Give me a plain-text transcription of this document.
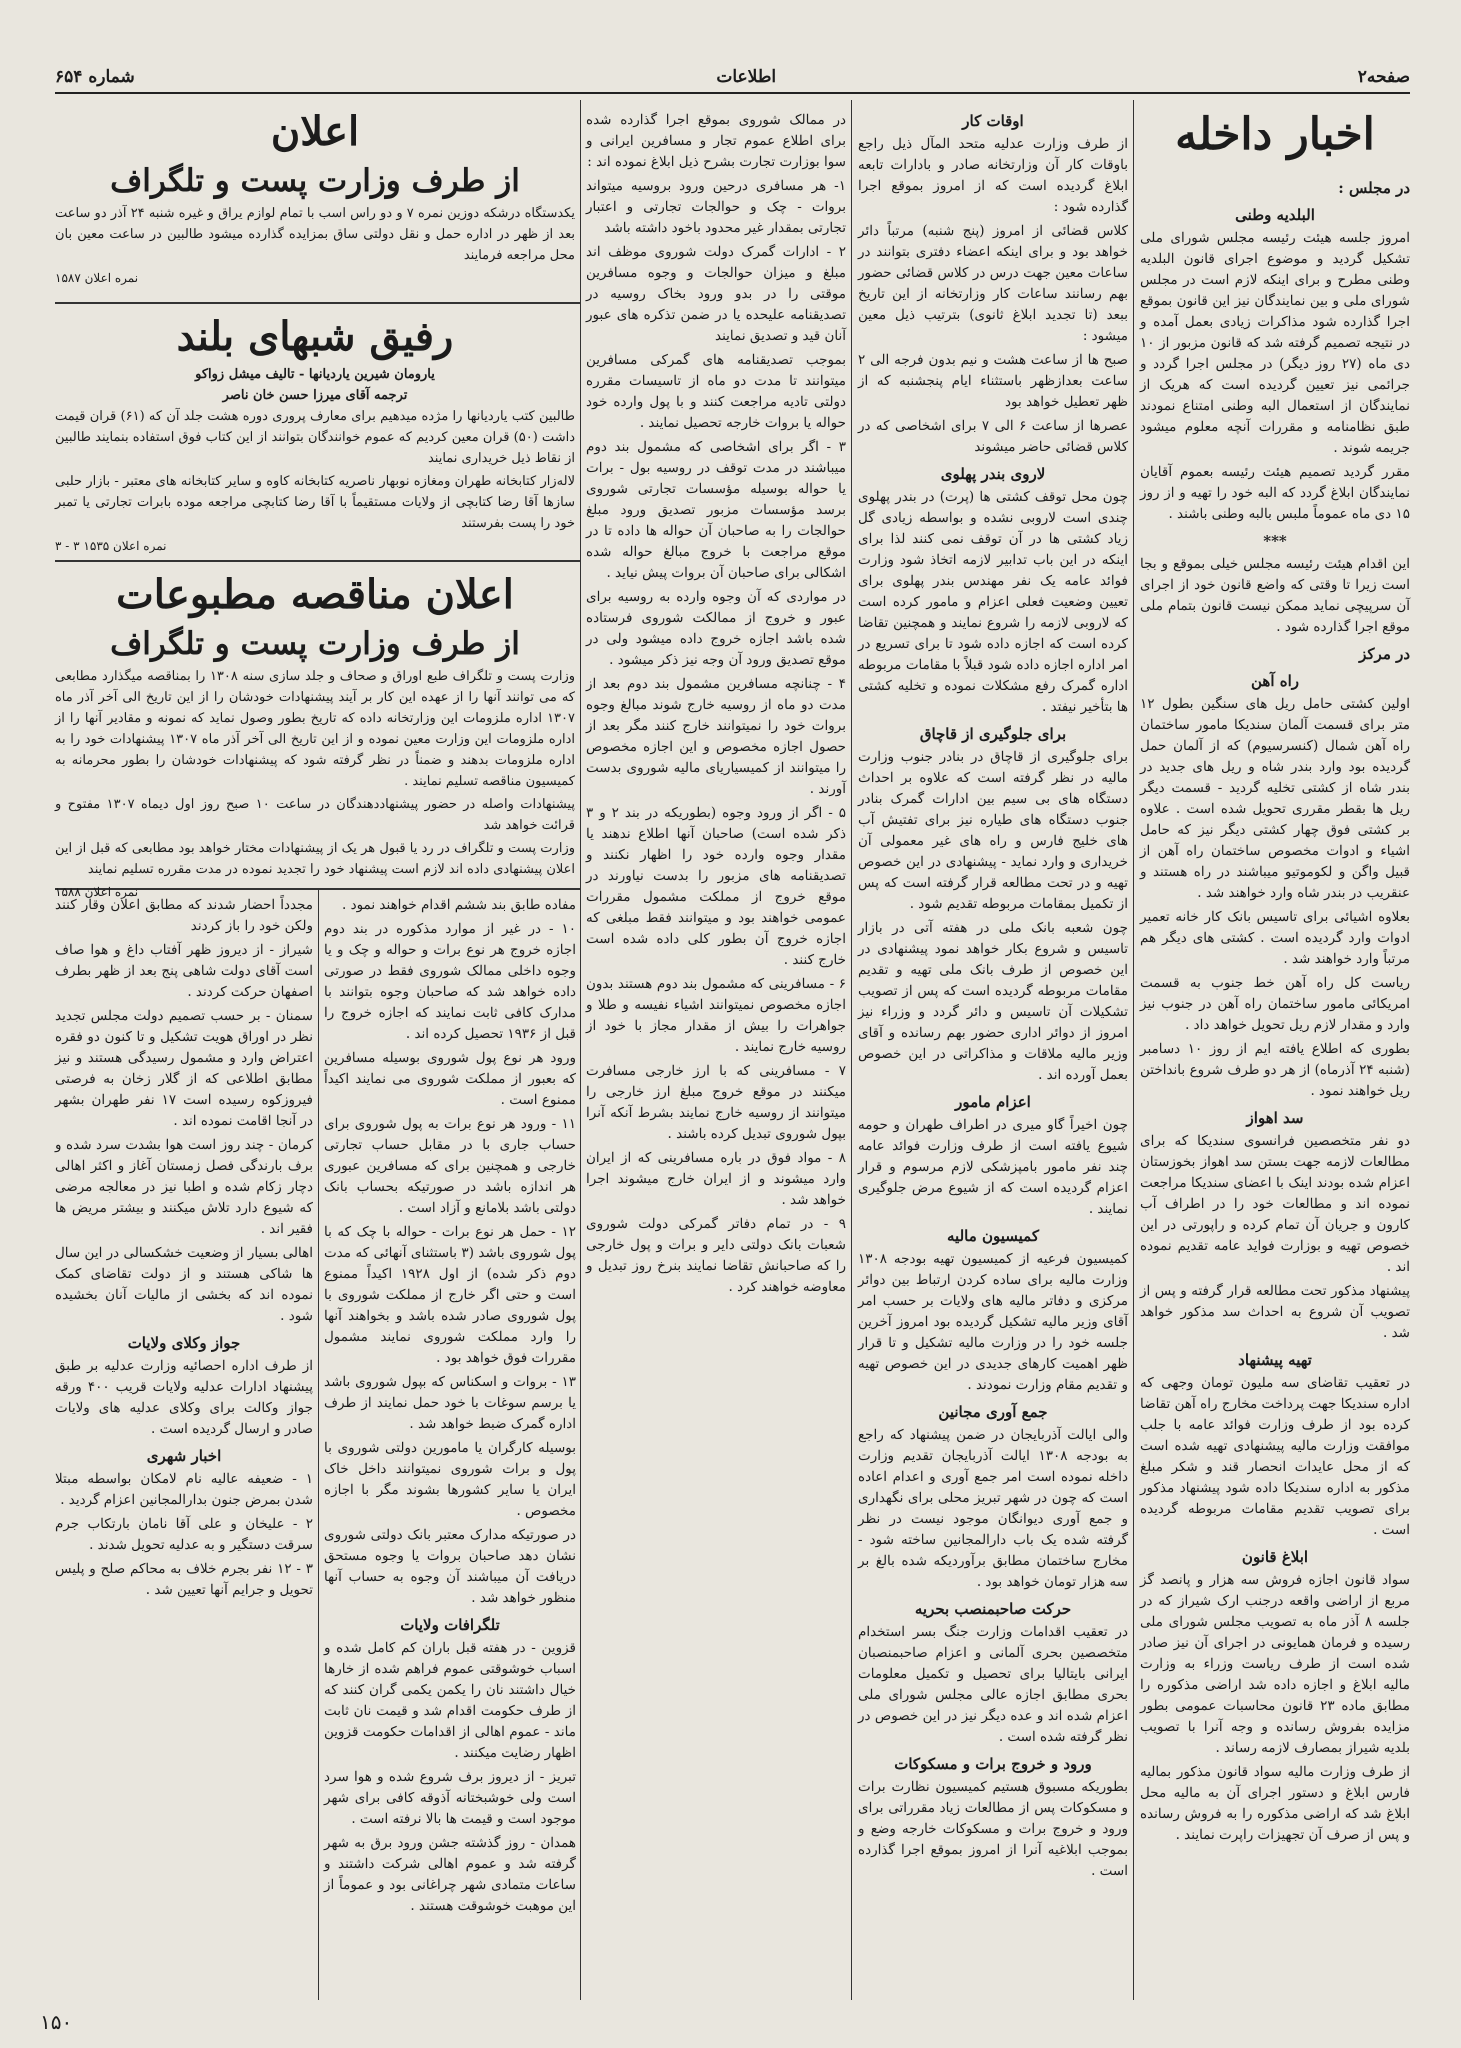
صفحه۲
اطلاعات
شماره ۶۵۴
اخبار داخله
در مجلس :
البلدیه وطنی

امروز جلسه هیئت رئیسه مجلس شورای ملی تشکیل گردید و موضوع اجرای قانون البلدیه وطنی مطرح و برای اینکه لازم است در مجلس شورای ملی و بین نمایندگان نیز این قانون بموقع اجرا گذارده شود مذاکرات زیادی بعمل آمده و در نتیجه تصمیم گرفته شد که قانون مزبور از ۱۰ دی ماه (۲۷ روز دیگر) در مجلس اجرا گردد و جرائمی نیز تعیین گردیده است که هریک از نمایندگان از استعمال البه وطنی امتناع نمودند طبق نظامنامه و مقررات آنچه معلوم میشود جریمه شوند .

مقرر گردید تصمیم هیئت رئیسه بعموم آقایان نمایندگان ابلاغ گردد که البه خود را تهیه و از روز ۱۵ دی ماه عموماً ملبس بالبه وطنی باشند .

***

این اقدام هیئت رئیسه مجلس خیلی بموقع و بجا است زیرا تا وقتی که واضع قانون خود از اجرای آن سرپیچی نماید ممکن نیست قانون بتمام ملی موقع اجرا گذارده شود .

در مرکز
راه آهن

اولین کشتی حامل ریل های سنگین بطول ۱۲ متر برای قسمت آلمان سندیکا مامور ساختمان راه آهن شمال (کنسرسیوم) که از آلمان حمل گردیده بود وارد بندر شاه و ریل های جدید در بندر شاه از کشتی تخلیه گردید - قسمت دیگر ریل ها بقطر مقرری تحویل شده است . علاوه بر کشتی فوق چهار کشتی دیگر نیز که حامل اشیاء و ادوات مخصوص ساختمان راه آهن از قبیل واگن و لکوموتیو میباشند در راه هستند و عنقریب در بندر شاه وارد خواهند شد .

بعلاوه اشیائی برای تاسیس بانک کار خانه تعمیر ادوات وارد گردیده است . کشتی های دیگر هم مرتباً وارد خواهند شد .

ریاست کل راه آهن خط جنوب به قسمت امریکائی مامور ساختمان راه آهن در جنوب نیز وارد و مقدار لازم ریل تحویل خواهد داد .

بطوری که اطلاع یافته ایم از روز ۱۰ دسامبر (شنبه ۲۴ آذرماه) از هر دو طرف شروع بانداختن ریل خواهند نمود .

سد اهواز

دو نفر متخصصین فرانسوی سندیکا که برای مطالعات لازمه جهت بستن سد اهواز بخوزستان اعزام شده بودند اینک با اعضای سندیکا مراجعت نموده اند و مطالعات خود را در اطراف آب کارون و جریان آن تمام کرده و راپورتی در این خصوص تهیه و بوزارت فواید عامه تقدیم نموده اند .

پیشنهاد مذکور تحت مطالعه قرار گرفته و پس از تصویب آن شروع به احداث سد مذکور خواهد شد .

تهیه پیشنهاد

در تعقیب تقاضای سه ملیون تومان وجهی که اداره سندیکا جهت پرداخت مخارج راه آهن تقاضا کرده بود از طرف وزارت فوائد عامه با جلب موافقت وزارت مالیه پیشنهادی تهیه شده است که از محل عایدات انحصار قند و شکر مبلغ مذکور به اداره سندیکا داده شود پیشنهاد مذکور برای تصویب تقدیم مقامات مربوطه گردیده است .

ابلاغ قانون

سواد قانون اجازه فروش سه هزار و پانصد گز مربع از اراضی واقعه درجنب ارک شیراز که در جلسه ۸ آذر ماه به تصویب مجلس شورای ملی رسیده و فرمان همایونی در اجرای آن نیز صادر شده است از طرف ریاست وزراء به وزارت مالیه ابلاغ و اجازه داده شد اراضی مذکوره را مطابق ماده ۲۳ قانون محاسبات عمومی بطور مزایده بفروش رسانده و وجه آنرا با تصویب بلدیه شیراز بمصارف لازمه رساند .

از طرف وزارت مالیه سواد قانون مذکور بمالیه فارس ابلاغ و دستور اجرای آن به مالیه محل ابلاغ شد که اراضی مذکوره را به فروش رسانده و پس از صرف آن تجهیزات راپرت نمایند .

اوقات کار

از طرف وزارت عدلیه متحد المآل ذیل راجع باوقات کار آن وزارتخانه صادر و بادارات تابعه ابلاغ گردیده است که از امروز بموقع اجرا گذارده شود :

کلاس قضائی از امروز (پنج شنبه) مرتباً دائر خواهد بود و برای اینکه اعضاء دفتری بتوانند در ساعات معین جهت درس در کلاس قضائی حضور بهم رسانند ساعات کار وزارتخانه از این تاریخ ببعد (تا تجدید ابلاغ ثانوی) بترتیب ذیل معین میشود :

صبح ها از ساعت هشت و نیم بدون فرجه الی ۲ ساعت بعدازظهر باستثناء ایام پنجشنبه که از ظهر تعطیل خواهد بود

عصرها از ساعت ۶ الی ۷ برای اشخاصی که در کلاس قضائی حاضر میشوند

لاروی بندر پهلوی

چون محل توقف کشتی ها (پرت) در بندر پهلوی چندی است لاروبی نشده و بواسطه زیادی گل زیاد کشتی ها در آن توقف نمی کنند لذا برای اینکه در این باب تدابیر لازمه اتخاذ شود وزارت فوائد عامه یک نفر مهندس بندر پهلوی برای تعیین وضعیت فعلی اعزام و مامور کرده است که لاروبی لازمه را شروع نمایند و همچنین تقاضا کرده است که اجازه داده شود تا برای تسریع در امر اداره اجازه داده شود قبلاً با مقامات مربوطه اداره گمرک رفع مشکلات نموده و تخلیه کشتی ها بتأخیر نیفتد .

برای جلوگیری از قاچاق

برای جلوگیری از قاچاق در بنادر جنوب وزارت مالیه در نظر گرفته است که علاوه بر احداث دستگاه های بی سیم بین ادارات گمرک بنادر جنوب دستگاه های طیاره نیز برای تفتیش آب های خلیج فارس و راه های غیر معمولی آن خریداری و وارد نماید - پیشنهادی در این خصوص تهیه و در تحت مطالعه قرار گرفته است که پس از تکمیل بمقامات مربوطه تقدیم شود .

چون شعبه بانک ملی در هفته آتی در بازار تاسیس و شروع بکار خواهد نمود پیشنهادی در این خصوص از طرف بانک ملی تهیه و تقدیم مقامات مربوطه گردیده است که پس از تصویب تشکیلات آن تاسیس و دائر گردد و وزراء نیز امروز از دوائر اداری حضور بهم رسانده و آقای وزیر مالیه ملاقات و مذاکراتی در این خصوص بعمل آورده اند .

اعزام مامور

چون اخیراً گاو میری در اطراف طهران و حومه شیوع یافته است از طرف وزارت فوائد عامه چند نفر مامور بامپزشکی لازم مرسوم و قرار اعزام گردیده است که از شیوع مرض جلوگیری نمایند .

کمیسیون مالیه

کمیسیون فرعیه از کمیسیون تهیه بودجه ۱۳۰۸ وزارت مالیه برای ساده کردن ارتباط بین دوائر مرکزی و دفاتر مالیه های ولایات بر حسب امر آقای وزیر مالیه تشکیل گردیده بود امروز آخرین جلسه خود را در وزارت مالیه تشکیل و تا قرار ظهر اهمیت کارهای جدیدی در این خصوص تهیه و تقدیم مقام وزارت نمودند .

جمع آوری مجانین

والی ایالت آذربایجان در ضمن پیشنهاد که راجع به بودجه ۱۳۰۸ ایالت آذربایجان تقدیم وزارت داخله نموده است امر جمع آوری و اعدام اعاده است که چون در شهر تبریز محلی برای نگهداری و جمع آوری دیوانگان موجود نیست در نظر گرفته شده یک باب دارالمجانین ساخته شود - مخارج ساختمان مطابق برآوردیکه شده بالغ بر سه هزار تومان خواهد بود .

حرکت صاحبمنصب بحریه

در تعقیب اقدامات وزارت جنگ بسر استخدام متخصصین بحری آلمانی و اعزام صاحبمنصبان ایرانی بایتالیا برای تحصیل و تکمیل معلومات بحری مطابق اجازه عالی مجلس شورای ملی اعزام شده اند و عده دیگر نیز در این خصوص در نظر گرفته شده است .

ورود و خروج برات و مسکوکات

بطوریکه مسبوق هستیم کمیسیون نظارت برات و مسکوکات پس از مطالعات زیاد مقرراتی برای ورود و خروج برات و مسکوکات خارجه وضع و بموجب ابلاغیه آنرا از امروز بموقع اجرا گذارده است .

در ممالک شوروی بموقع اجرا گذارده شده برای اطلاع عموم تجار و مسافرین ایرانی و سوا بوزارت تجارت بشرح ذیل ابلاغ نموده اند :

۱- هر مسافری درحین ورود بروسیه میتواند بروات - چک و حوالجات تجارتی و اعتبار تجارتی بمقدار غیر محدود باخود داشته باشد

۲ - ادارات گمرک دولت شوروی موظف اند مبلغ و میزان حوالجات و وجوه مسافرین موقتی را در بدو ورود بخاک روسیه در تصدیقنامه علیحده یا در ضمن تذکره های عبور آنان قید و تصدیق نمایند

بموجب تصدیقنامه های گمرکی مسافرین میتوانند تا مدت دو ماه از تاسیسات مقرره دولتی تادیه مراجعت کنند و با پول وارده خود حواله یا بروات خارجه تحصیل نمایند .

۳ - اگر برای اشخاصی که مشمول بند دوم میباشند در مدت توقف در روسیه بول - برات یا حواله بوسیله مؤسسات تجارتی شوروی برسد مؤسسات مزبور تصدیق ورود مبلغ حوالجات را به صاحبان آن حواله ها داده تا در موقع مراجعت با خروج مبالغ حواله شده اشکالی برای صاحبان آن بروات پیش نیاید .

در مواردی که آن وجوه وارده به روسیه برای عبور و خروج از ممالکت شوروی فرستاده شده باشد اجازه خروج داده میشود ولی در موقع تصدیق ورود آن وجه نیز ذکر میشود .

۴ - چنانچه مسافرین مشمول بند دوم بعد از مدت دو ماه از روسیه خارج شوند مبالغ وجوه بروات خود را نمیتوانند خارج کنند مگر بعد از حصول اجازه مخصوص و این اجازه مخصوص را میتوانند از کمیسیاریای مالیه شوروی بدست آورند .

۵ - اگر از ورود وجوه (بطوریکه در بند ۲ و ۳ ذکر شده است) صاحبان آنها اطلاع ندهند یا مقدار وجوه وارده خود را اظهار نکنند و تصدیقنامه های مزبور را بدست نیاورند در موقع خروج از مملکت مشمول مقررات عمومی خواهند بود و میتوانند فقط مبلغی که اجازه خروج آن بطور کلی داده شده است خارج کنند .

۶ - مسافرینی که مشمول بند دوم هستند بدون اجازه مخصوص نمیتوانند اشیاء نفیسه و طلا و جواهرات را بیش از مقدار مجاز با خود از روسیه خارج نمایند .

۷ - مسافرینی که با ارز خارجی مسافرت میکنند در موقع خروج مبلغ ارز خارجی را میتوانند از روسیه خارج نمایند بشرط آنکه آنرا بپول شوروی تبدیل کرده باشند .

۸ - مواد فوق در باره مسافرینی که از ایران وارد میشوند و از ایران خارج میشوند اجرا خواهد شد .

۹ - در تمام دفاتر گمرکی دولت شوروی شعبات بانک دولتی دایر و برات و پول خارجی را که صاحبانش تقاضا نمایند بنرخ روز تبدیل و معاوضه خواهند کرد .

اعلان
از طرف وزارت پست و تلگراف

یکدستگاه درشکه دوزین نمره ۷ و دو راس اسب با تمام لوازم یراق و غیره شنبه ۲۴ آذر دو ساعت بعد از ظهر در اداره حمل و نقل دولتی ساق بمزایده گذارده میشود طالبین در ساعت معین بان محل مراجعه فرمایند

نمره اعلان ۱۵۸۷
رفیق شبهای بلند
یارومان شیرین یاردیانها - تالیف میشل زواکو
ترجمه آقای میرزا حسن خان ناصر

طالبین کتب یاردیانها را مژده میدهیم برای معارف پروری دوره هشت جلد آن که (۶۱) قران قیمت داشت (۵۰) قران معین کردیم که عموم خوانندگان بتوانند از این کتاب فوق استفاده بنمایند طالبین از نقاط ذیل خریداری نمایند

لاله‌زار کتابخانه طهران ومغازه نوبهار ناصریه کتابخانه کاوه و سایر کتابخانه های معتبر - بازار حلبی سازها آقا رضا کتابچی از ولایات مستقیماً با آقا رضا کتابچی مراجعه موده بابرات تجارتی یا تمبر خود را پست بفرستند

نمره اعلان ۱۵۳۵ ۳ - ۳
اعلان مناقصه مطبوعات
از طرف وزارت پست و تلگراف

وزارت پست و تلگراف طبع اوراق و صحاف و جلد سازی سنه ۱۳۰۸ را بمناقصه میگذارد مطابعی که می توانند آنها را از عهده این کار بر آیند پیشنهادات خودشان را از این تاریخ الی آخر آذر ماه ۱۳۰۷ اداره ملزومات این وزارتخانه داده که تاریخ بطور وصول نماید که نمونه و مقادیر آنها را از اداره ملزومات این وزارت معین نموده و از این تاریخ الی آخر آذر ماه ۱۳۰۷ پیشنهادات خود را به اداره ملزومات بدهند و ضمناً در نظر گرفته شود که پیشنهادات خودشان را بطور محرمانه به کمیسیون مناقصه تسلیم نمایند .

پیشنهادات واصله در حضور پیشنهاددهندگان در ساعت ۱۰ صبح روز اول دیماه ۱۳۰۷ مفتوح و قرائت خواهد شد

وزارت پست و تلگراف در رد یا قبول هر یک از پیشنهادات مختار خواهد بود مطابعی که قبل از این اعلان پیشنهادی داده اند لازم است پیشنهاد خود را تجدید نموده در مدت مقرره تسلیم نمایند

نمره اعلان ۱۵۸۸

مفاده طابق بند ششم اقدام خواهند نمود .

۱۰ - در غیر از موارد مذکوره در بند دوم اجازه خروج هر نوع برات و حواله و چک و یا وجوه داخلی ممالک شوروی فقط در صورتی داده خواهد شد که صاحبان وجوه بتوانند با مدارک کافی ثابت نمایند که اجازه خروج را قبل از ۱۹۳۶ تحصیل کرده اند .

ورود هر نوع پول شوروی بوسیله مسافرین که بعبور از مملکت شوروی می نمایند اکیداً ممنوع است .

۱۱ - ورود هر نوع برات به پول شوروی برای حساب جاری با در مقابل حساب تجارتی خارجی و همچنین برای که مسافرین عبوری هر اندازه باشد در صورتیکه بحساب بانک دولتی باشد بلامانع و آزاد است .

۱۲ - حمل هر نوع برات - حواله با چک که با پول شوروی باشد (۳ باستثنای آنهائی که مدت دوم ذکر شده) از اول ۱۹۲۸ اکیداً ممنوع است و حتی اگر خارج از مملکت شوروی با پول شوروی صادر شده باشد و بخواهند آنها را وارد مملکت شوروی نمایند مشمول مقررات فوق خواهد بود .

۱۳ - بروات و اسکناس که بپول شوروی باشد یا برسم سوغات با خود حمل نمایند از طرف اداره گمرک ضبط خواهد شد .

بوسیله کارگران یا مامورین دولتی شوروی با پول و برات شوروی نمیتوانند داخل خاک ایران یا سایر کشورها بشوند مگر با اجازه مخصوص .

در صورتیکه مدارک معتبر بانک دولتی شوروی نشان دهد صاحبان بروات یا وجوه مستحق دریافت آن میباشند آن وجوه به حساب آنها منظور خواهد شد .

تلگرافات ولایات

قزوین - در هفته قبل باران کم کامل شده و اسباب خوشوقتی عموم فراهم شده از خارها خیال داشتند نان را یکمن یکمی گران کنند که از طرف حکومت اقدام شد و قیمت نان ثابت ماند - عموم اهالی از اقدامات حکومت قزوین اظهار رضایت میکنند .

تبریز - از دیروز برف شروع شده و هوا سرد است ولی خوشبختانه آذوقه کافی برای شهر موجود است و قیمت ها بالا نرفته است .

همدان - روز گذشته جشن ورود برق به شهر گرفته شد و عموم اهالی شرکت داشتند و ساعات متمادی شهر چراغانی بود و عموماً از این موهبت خوشوقت هستند .

مجدداً احضار شدند که مطابق اعلان وقار کنند ولکن خود را باز کردند

شیراز - از دیروز ظهر آفتاب داغ و هوا صاف است آقای دولت شاهی پنج بعد از ظهر بطرف اصفهان حرکت کردند .

سمنان - بر حسب تصمیم دولت مجلس تجدید نظر در اوراق هویت تشکیل و تا کنون دو فقره اعتراض وارد و مشمول رسیدگی هستند و نیز مطابق اطلاعی که از گلار زخان به فرصتی فیروزکوه رسیده است ۱۷ نفر طهران بشهر در آنجا اقامت نموده اند .

کرمان - چند روز است هوا بشدت سرد شده و برف بارندگی فصل زمستان آغاز و اکثر اهالی دچار زکام شده و اطبا نیز در معالجه مرضی که شیوع دارد تلاش میکنند و بیشتر مریض ها فقیر اند .

اهالی بسیار از وضعیت خشکسالی در این سال ها شاکی هستند و از دولت تقاضای کمک نموده اند که بخشی از مالیات آنان بخشیده شود .

جواز وکلای ولایات

از طرف اداره احصائیه وزارت عدلیه بر طبق پیشنهاد ادارات عدلیه ولایات قریب ۴۰۰ ورقه جواز وکالت برای وکلای عدلیه های ولایات صادر و ارسال گردیده است .

اخبار شهری

۱ - ضعیفه عالیه نام لامکان بواسطه مبتلا شدن بمرض جنون بدارالمجانین اعزام گردید .

۲ - علیخان و علی آقا نامان بارتکاب جرم سرقت دستگیر و به عدلیه تحویل شدند .

۳ - ۱۲ نفر بجرم خلاف به محاکم صلح و پلیس تحویل و جرایم آنها تعیین شد .

۱۵۰
